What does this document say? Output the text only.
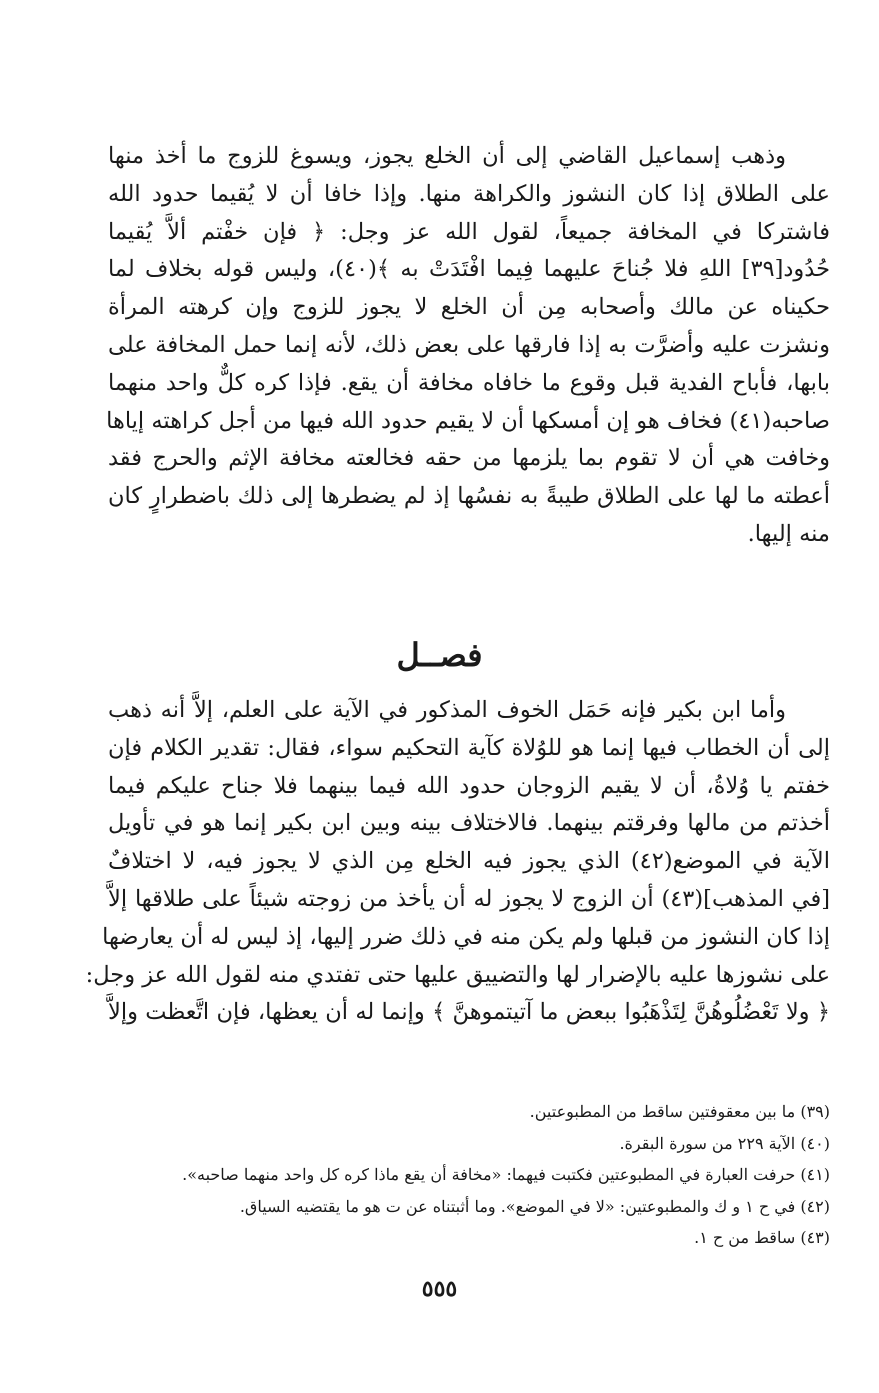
وذهب إسماعيل القاضي إلى أن الخلع يجوز، ويسوغ للزوج ما أخذ منها
على الطلاق إذا كان النشوز والكراهة منها. وإذا خافا أن لا يُقيما حدود الله
فاشتركا في المخافة جميعاً، لقول الله عز وجل: ﴿ فإن خفْتم ألاَّ يُقيما
حُدُود[٣٩] اللهِ فلا جُناحَ عليهما فِيما افْتَدَتْ به ﴾(٤٠)، وليس قوله بخلاف لما
حكيناه عن مالك وأصحابه مِن أن الخلع لا يجوز للزوج وإن كرهته المرأة
ونشزت عليه وأضرَّت به إذا فارقها على بعض ذلك، لأنه إنما حمل المخافة على
بابها، فأباح الفدية قبل وقوع ما خافاه مخافة أن يقع. فإذا كره كلٌّ واحد منهما
صاحبه(٤١) فخاف هو إن أمسكها أن لا يقيم حدود الله فيها من أجل كراهته إياها
وخافت هي أن لا تقوم بما يلزمها من حقه فخالعته مخافة الإثم والحرج فقد
أعطته ما لها على الطلاق طيبةً به نفسُها إذ لم يضطرها إلى ذلك باضطرارٍ كان
منه إليها.
فصــل
وأما ابن بكير فإنه حَمَل الخوف المذكور في الآية على العلم، إلاَّ أنه ذهب
إلى أن الخطاب فيها إنما هو للوُلاة كآية التحكيم سواء، فقال: تقدير الكلام فإن
خفتم يا وُلاةُ، أن لا يقيم الزوجان حدود الله فيما بينهما فلا جناح عليكم فيما
أخذتم من مالها وفرقتم بينهما. فالاختلاف بينه وبين ابن بكير إنما هو في تأويل
الآية في الموضع(٤٢) الذي يجوز فيه الخلع مِن الذي لا يجوز فيه، لا اختلافٌ
[في المذهب](٤٣) أن الزوج لا يجوز له أن يأخذ من زوجته شيئاً على طلاقها إلاَّ
إذا كان النشوز من قبلها ولم يكن منه في ذلك ضرر إليها، إذ ليس له أن يعارضها
على نشوزها عليه بالإضرار لها والتضييق عليها حتى تفتدي منه لقول الله عز وجل:
﴿ ولا تَعْضُلُوهُنَّ لِتَذْهَبُوا ببعض ما آتيتموهنَّ ﴾ وإنما له أن يعظها، فإن اتَّعظت وإلاَّ
(٣٩) ما بين معقوفتين ساقط من المطبوعتين.
(٤٠) الآية ٢٢٩ من سورة البقرة.
(٤١) حرفت العبارة في المطبوعتين فكتبت فيهما: «مخافة أن يقع ماذا كره كل واحد منهما صاحبه».
(٤٢) في ح ١ و ك والمطبوعتين: «لا في الموضع». وما أثبتناه عن ت هو ما يقتضيه السياق.
(٤٣) ساقط من ح ١.
٥٥٥
